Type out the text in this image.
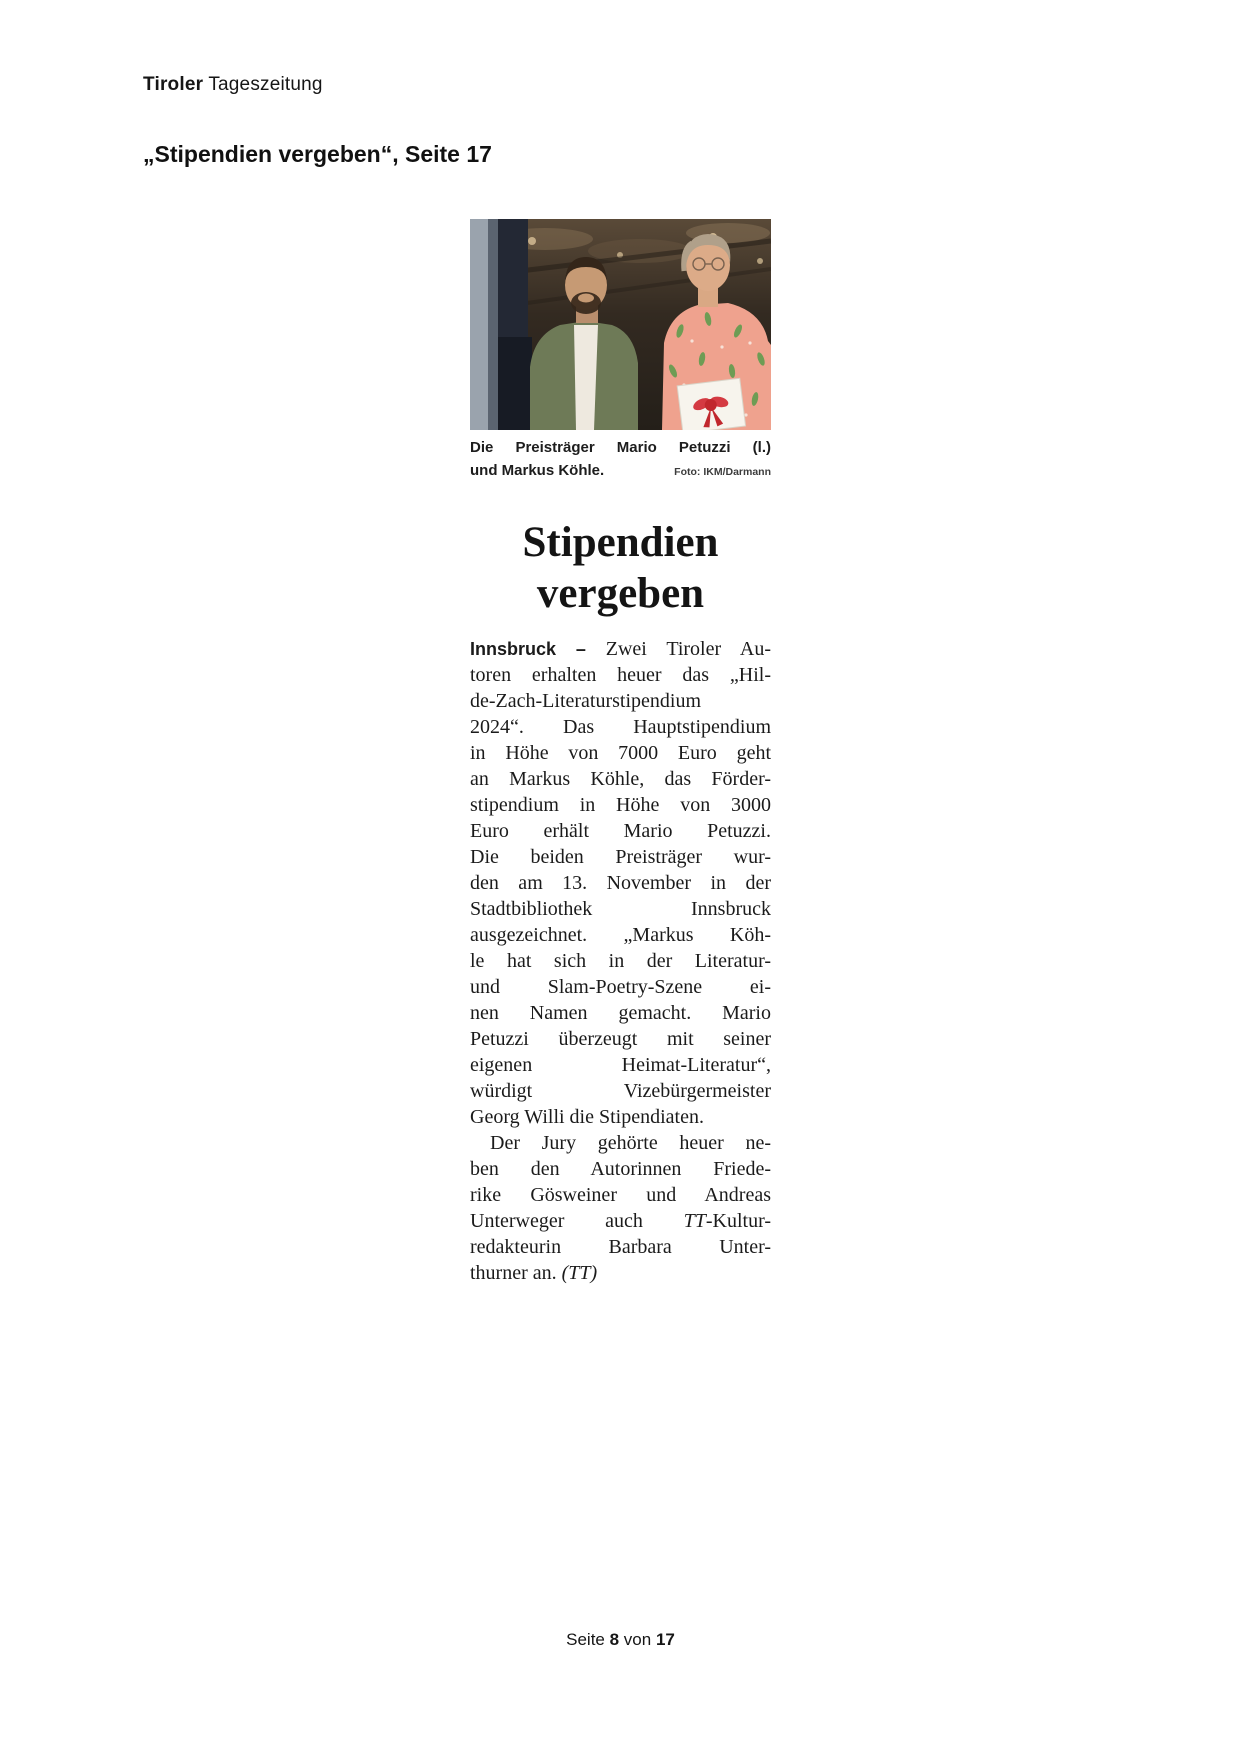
Tiroler Tageszeitung
„Stipendien vergeben“, Seite 17
Die Preisträger Mario Petuzzi (l.)
und Markus Köhle.	Foto: IKM/Darmann
Stipendien
vergeben
Innsbruck – Zwei Tiroler Au-
toren erhalten heuer das „Hil-
de-Zach-Literaturstipendium
2024“. Das Hauptstipendium
in Höhe von 7000 Euro geht
an Markus Köhle, das Förder-
stipendium in Höhe von 3000
Euro erhält Mario Petuzzi.
Die beiden Preisträger wur-
den am 13. November in der
Stadtbibliothek Innsbruck
ausgezeichnet. „Markus Köh-
le hat sich in der Literatur-
und Slam-Poetry-Szene ei-
nen Namen gemacht. Mario
Petuzzi überzeugt mit seiner
eigenen Heimat-Literatur“,
würdigt Vizebürgermeister
Georg Willi die Stipendiaten.
Der Jury gehörte heuer ne-
ben den Autorinnen Friede-
rike Gösweiner und Andreas
Unterweger auch TT-Kultur-
redakteurin Barbara Unter-
thurner an. (TT)
Seite 8 von 17
